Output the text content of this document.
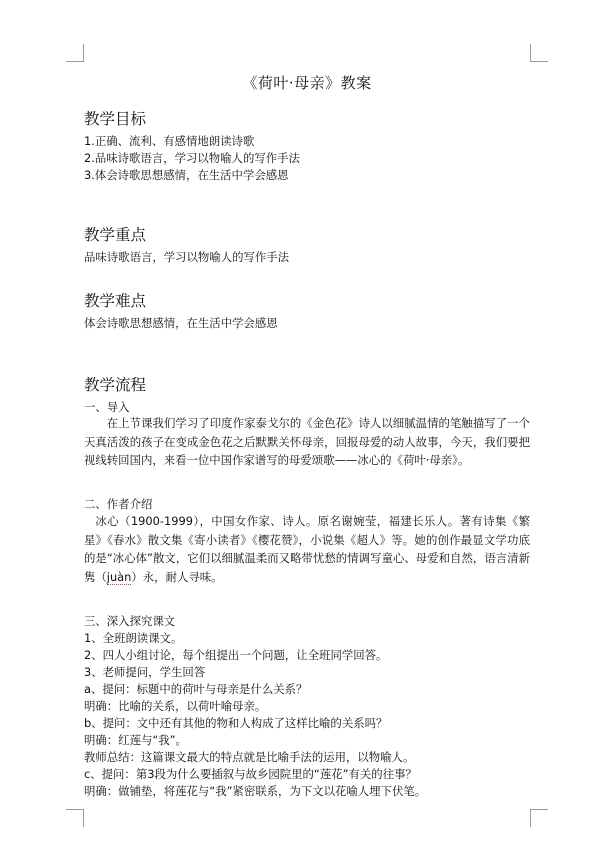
《荷叶·母亲》教案
教学目标
1.正确、流利、有感情地朗读诗歌
2.品味诗歌语言，学习以物喻人的写作手法
3.体会诗歌思想感情，在生活中学会感恩
教学重点
品味诗歌语言，学习以物喻人的写作手法
教学难点
体会诗歌思想感情，在生活中学会感恩
教学流程
一、导入
在上节课我们学习了印度作家泰戈尔的《金色花》诗人以细腻温情的笔触描写了一个天真活泼的孩子在变成金色花之后默默关怀母亲，回报母爱的动人故事，今天，我们要把视线转回国内，来看一位中国作家谱写的母爱颂歌——冰心的《荷叶·母亲》。
二、作者介绍
冰心（1900-1999），中国女作家、诗人。原名谢婉莹，福建长乐人。著有诗集《繁星》《春水》散文集《寄小读者》《樱花赞》，小说集《超人》等。她的创作最显文学功底的是“冰心体”散文，它们以细腻温柔而又略带忧愁的情调写童心、母爱和自然，语言清新隽（juàn）永，耐人寻味。
三、深入探究课文
1、全班朗读课文。
2、四人小组讨论，每个组提出一个问题，让全班同学回答。
3、老师提问，学生回答
a、提问：标题中的荷叶与母亲是什么关系？
明确：比喻的关系，以荷叶喻母亲。
b、提问：文中还有其他的物和人构成了这样比喻的关系吗？
明确：红莲与“我”。
教师总结：这篇课文最大的特点就是比喻手法的运用，以物喻人。
c、提问：第3段为什么要插叙与故乡园院里的“莲花”有关的往事？
明确：做铺垫，将莲花与“我”紧密联系，为下文以花喻人埋下伏笔。
